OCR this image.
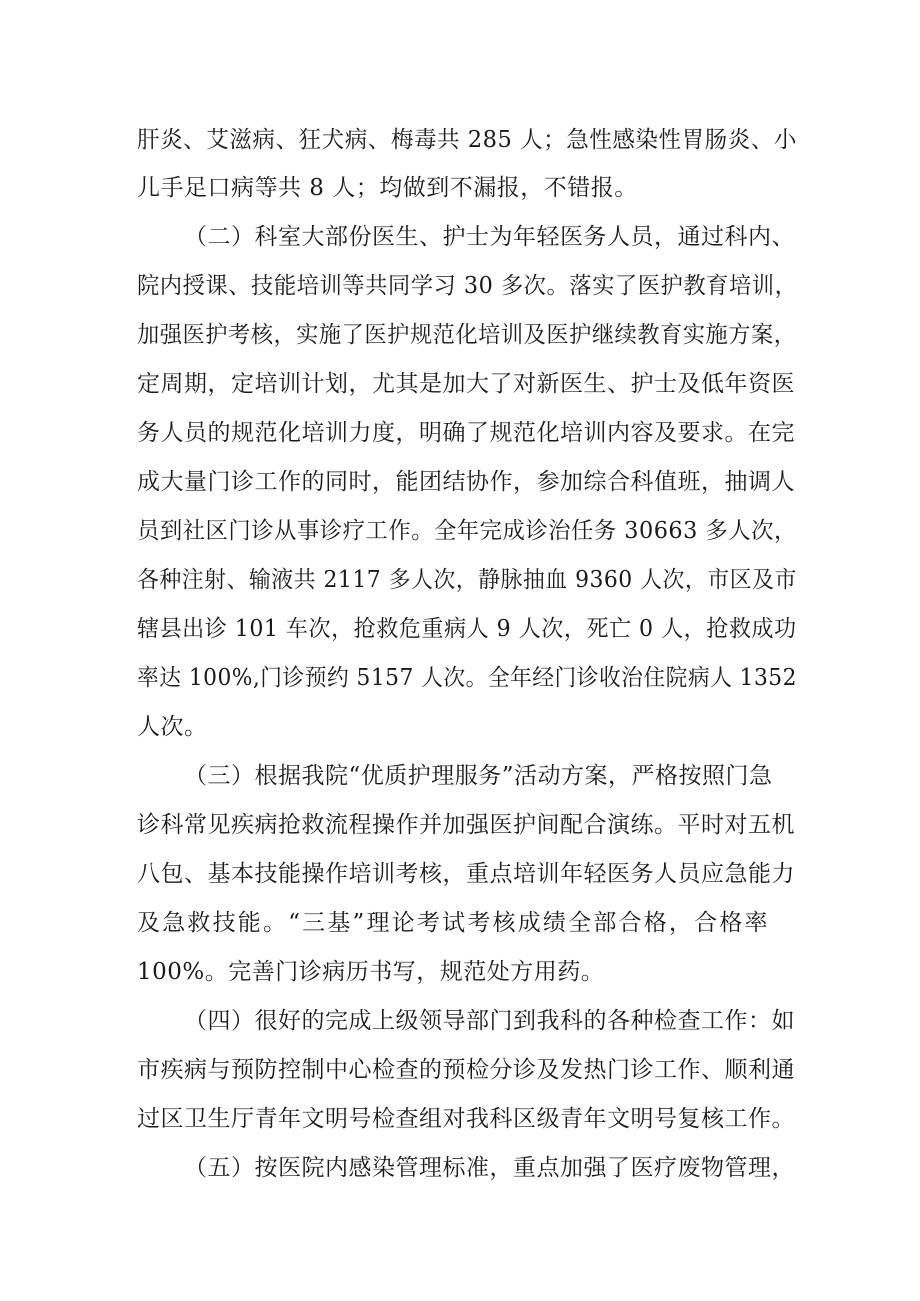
肝炎、艾滋病、狂犬病、梅毒共 285 人；急性感染性胃肠炎、小
儿手足口病等共 8 人；均做到不漏报，不错报。
（二）科室大部份医生、护士为年轻医务人员，通过科内、
院内授课、技能培训等共同学习 30 多次。落实了医护教育培训，
加强医护考核，实施了医护规范化培训及医护继续教育实施方案，
定周期，定培训计划，尤其是加大了对新医生、护士及低年资医
务人员的规范化培训力度，明确了规范化培训内容及要求。在完
成大量门诊工作的同时，能团结协作，参加综合科值班，抽调人
员到社区门诊从事诊疗工作。全年完成诊治任务 30663 多人次，
各种注射、输液共 2117 多人次，静脉抽血 9360 人次，市区及市
辖县出诊 101 车次，抢救危重病人 9 人次，死亡 0 人，抢救成功
率达 100%,门诊预约 5157 人次。全年经门诊收治住院病人 1352
人次。
（三）根据我院“优质护理服务”活动方案，严格按照门急
诊科常见疾病抢救流程操作并加强医护间配合演练。平时对五机
八包、基本技能操作培训考核，重点培训年轻医务人员应急能力
及急救技能。“三基”理论考试考核成绩全部合格，合格率
100%。完善门诊病历书写，规范处方用药。
（四）很好的完成上级领导部门到我科的各种检查工作：如
市疾病与预防控制中心检查的预检分诊及发热门诊工作、顺利通
过区卫生厅青年文明号检查组对我科区级青年文明号复核工作。
（五）按医院内感染管理标准，重点加强了医疗废物管理，
